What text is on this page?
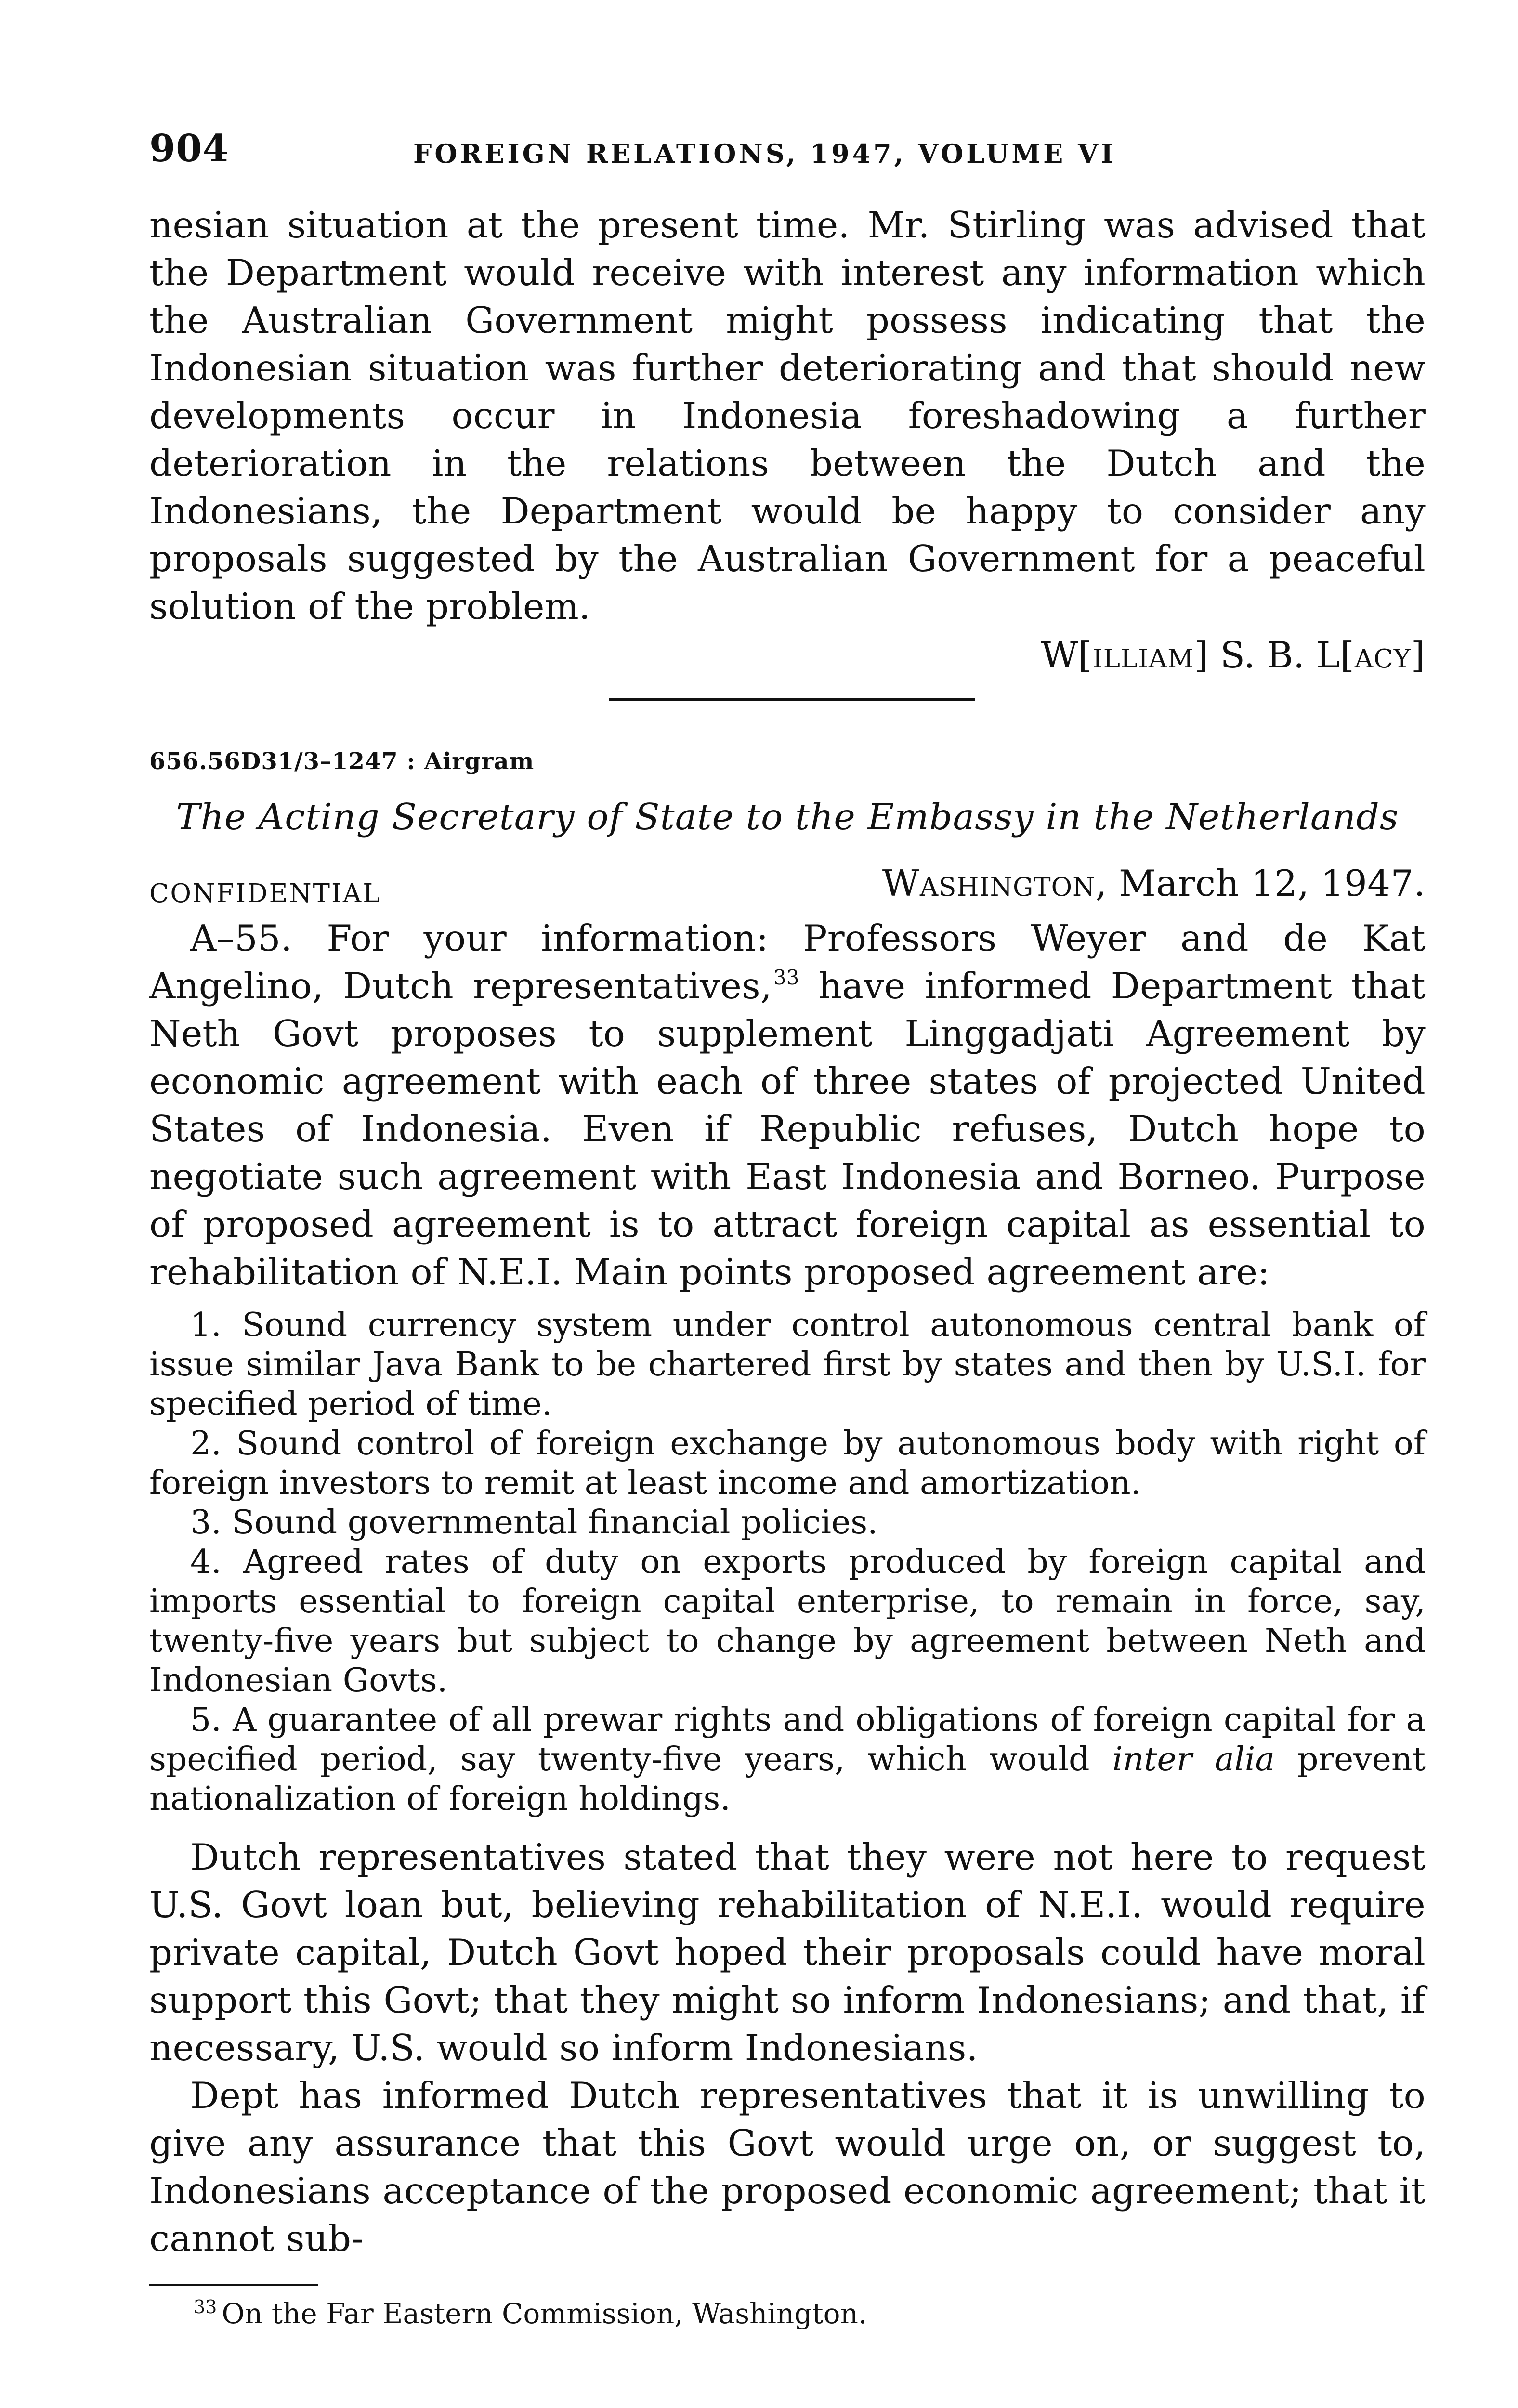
904	FOREIGN RELATIONS, 1947, VOLUME VI

nesian situation at the present time. Mr. Stirling was advised that the Department would receive with interest any information which the Australian Government might possess indicating that the Indonesian situation was further deteriorating and that should new developments occur in Indonesia foreshadowing a further deterioration in the relations between the Dutch and the Indonesians, the Department would be happy to consider any proposals suggested by the Australian Government for a peaceful solution of the problem.

W[illiam] S. B. L[acy]
656.56D31/3–1247 : Airgram
The Acting Secretary of State to the Embassy in the Netherlands
CONFIDENTIAL	Washington, March 12, 1947.

A–55. For your information: Professors Weyer and de Kat Angelino, Dutch representatives,$^{33}$ have informed Department that Neth Govt proposes to supplement Linggadjati Agreement by economic agreement with each of three states of projected United States of Indonesia. Even if Republic refuses, Dutch hope to negotiate such agreement with East Indonesia and Borneo. Purpose of proposed agreement is to attract foreign capital as essential to rehabilitation of N.E.I. Main points proposed agreement are:

1. Sound currency system under control autonomous central bank of issue similar Java Bank to be chartered first by states and then by U.S.I. for specified period of time.

2. Sound control of foreign exchange by autonomous body with right of foreign investors to remit at least income and amortization.

3. Sound governmental financial policies.

4. Agreed rates of duty on exports produced by foreign capital and imports essential to foreign capital enterprise, to remain in force, say, twenty-five years but subject to change by agreement between Neth and Indonesian Govts.

5. A guarantee of all prewar rights and obligations of foreign capital for a specified period, say twenty-five years, which would inter alia prevent nationalization of foreign holdings.

Dutch representatives stated that they were not here to request U.S. Govt loan but, believing rehabilitation of N.E.I. would require private capital, Dutch Govt hoped their proposals could have moral support this Govt; that they might so inform Indonesians; and that, if necessary, U.S. would so inform Indonesians.

Dept has informed Dutch representatives that it is unwilling to give any assurance that this Govt would urge on, or suggest to, Indonesians acceptance of the proposed economic agreement; that it cannot sub-

$^{33}$ On the Far Eastern Commission, Washington.
